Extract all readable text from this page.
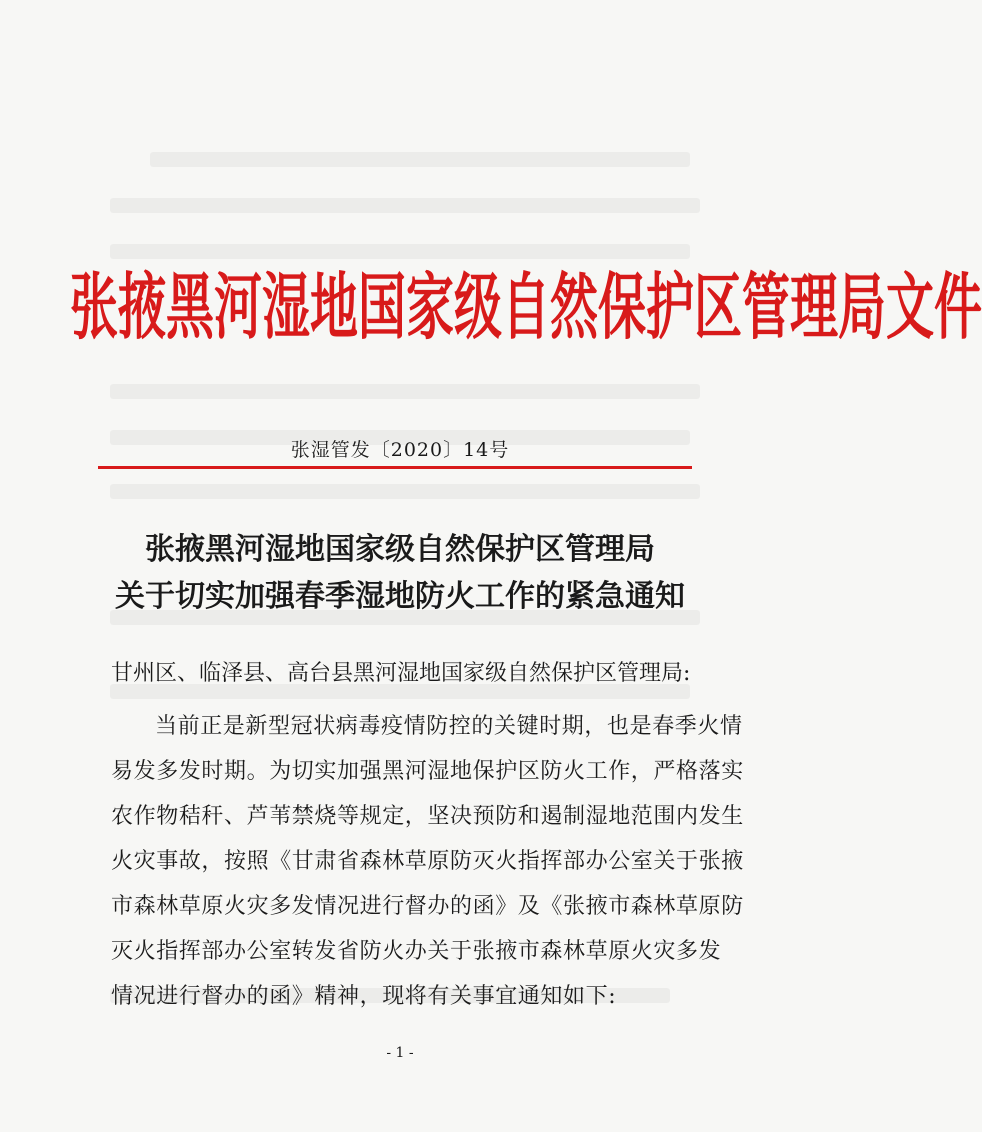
张掖黑河湿地国家级自然保护区管理局文件
张湿管发〔2020〕14号
张掖黑河湿地国家级自然保护区管理局
关于切实加强春季湿地防火工作的紧急通知
甘州区、临泽县、高台县黑河湿地国家级自然保护区管理局:
当前正是新型冠状病毒疫情防控的关键时期，也是春季火情
易发多发时期。为切实加强黑河湿地保护区防火工作，严格落实
农作物秸秆、芦苇禁烧等规定，坚决预防和遏制湿地范围内发生
火灾事故，按照《甘肃省森林草原防灭火指挥部办公室关于张掖
市森林草原火灾多发情况进行督办的函》及《张掖市森林草原防
灭火指挥部办公室转发省防火办关于张掖市森林草原火灾多发
情况进行督办的函》精神，现将有关事宜通知如下:
- 1 -
